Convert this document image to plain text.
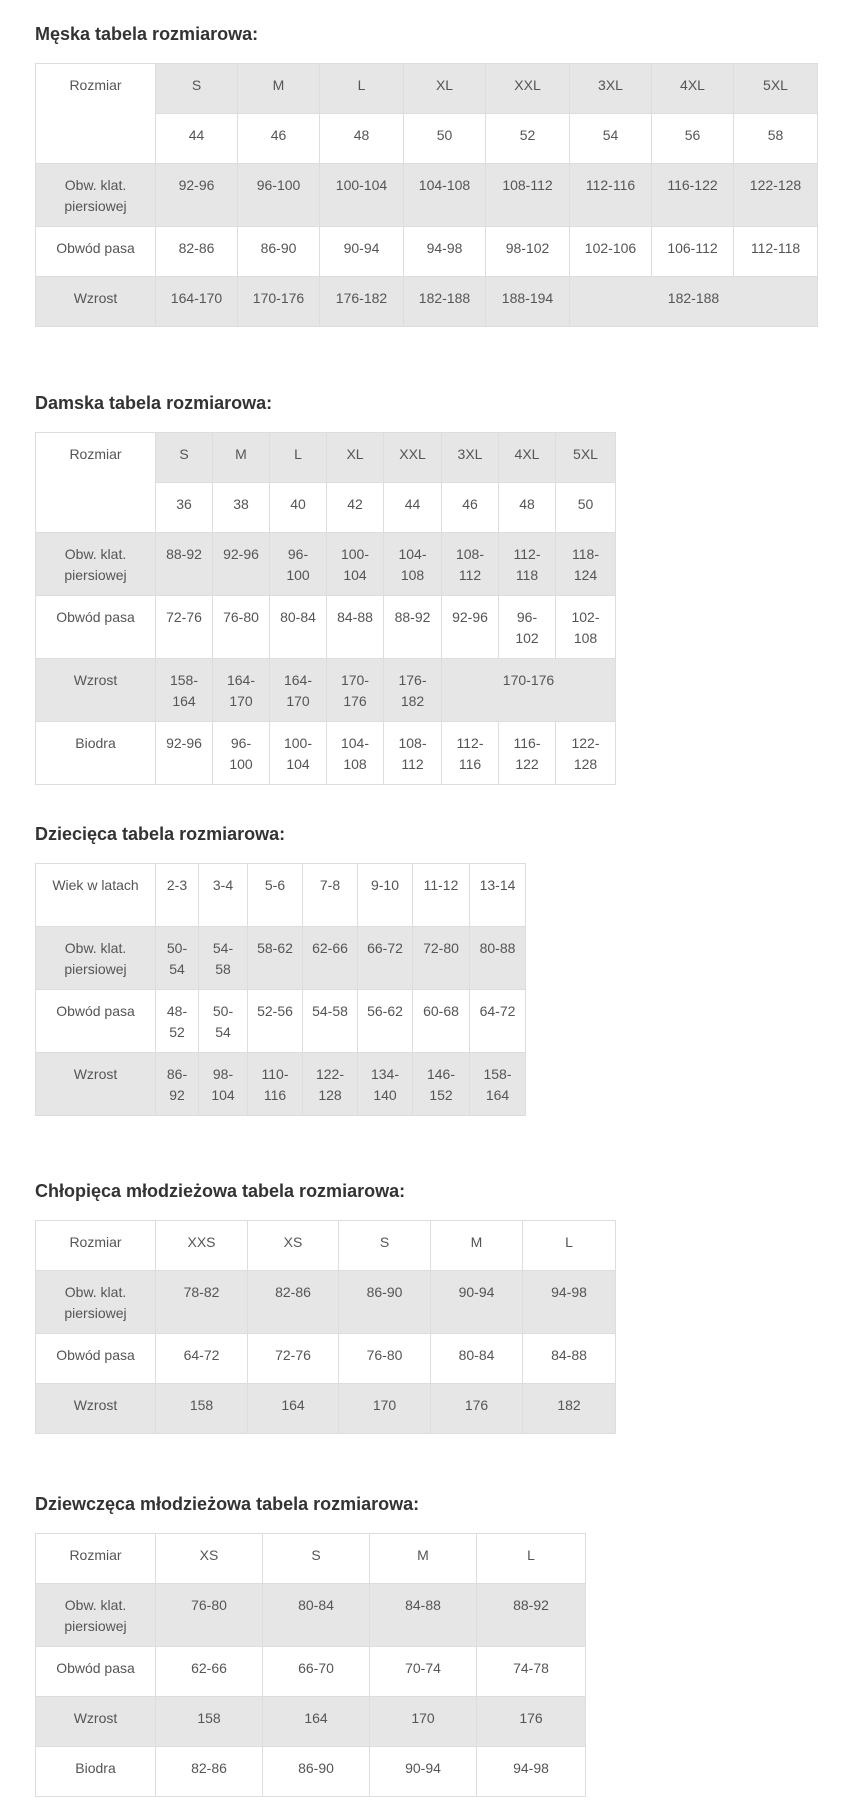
Męska tabela rozmiarowa:
Rozmiar	S	M	L	XL	XXL	3XL	4XL	5XL
	44	46	48	50	52	54	56	58
Obw. klat. piersiowej	92-96	96-100	100-104	104-108	108-112	112-116	116-122	122-128
Obwód pasa	82-86	86-90	90-94	94-98	98-102	102-106	106-112	112-118
Wzrost	164-170	170-176	176-182	182-188	188-194	182-188		
Damska tabela rozmiarowa:
Rozmiar	S	M	L	XL	XXL	3XL	4XL	5XL
	36	38	40	42	44	46	48	50
Obw. klat. piersiowej	88-92	92-96	96-100	100-104	104-108	108-112	112-118	118-124
Obwód pasa	72-76	76-80	80-84	84-88	88-92	92-96	96-102	102-108
Wzrost	158-164	164-170	164-170	170-176	176-182	170-176		
Biodra	92-96	96-100	100-104	104-108	108-112	112-116	116-122	122-128
Dziecięca tabela rozmiarowa:
Wiek w latach	2-3	3-4	5-6	7-8	9-10	11-12	13-14
Obw. klat. piersiowej	50-54	54-58	58-62	62-66	66-72	72-80	80-88
Obwód pasa	48-52	50-54	52-56	54-58	56-62	60-68	64-72
Wzrost	86-92	98-104	110-116	122-128	134-140	146-152	158-164
Chłopięca młodzieżowa tabela rozmiarowa:
Rozmiar	XXS	XS	S	M	L
Obw. klat. piersiowej	78-82	82-86	86-90	90-94	94-98
Obwód pasa	64-72	72-76	76-80	80-84	84-88
Wzrost	158	164	170	176	182
Dziewczęca młodzieżowa tabela rozmiarowa:
Rozmiar	XS	S	M	L
Obw. klat. piersiowej	76-80	80-84	84-88	88-92
Obwód pasa	62-66	66-70	70-74	74-78
Wzrost	158	164	170	176
Biodra	82-86	86-90	90-94	94-98
